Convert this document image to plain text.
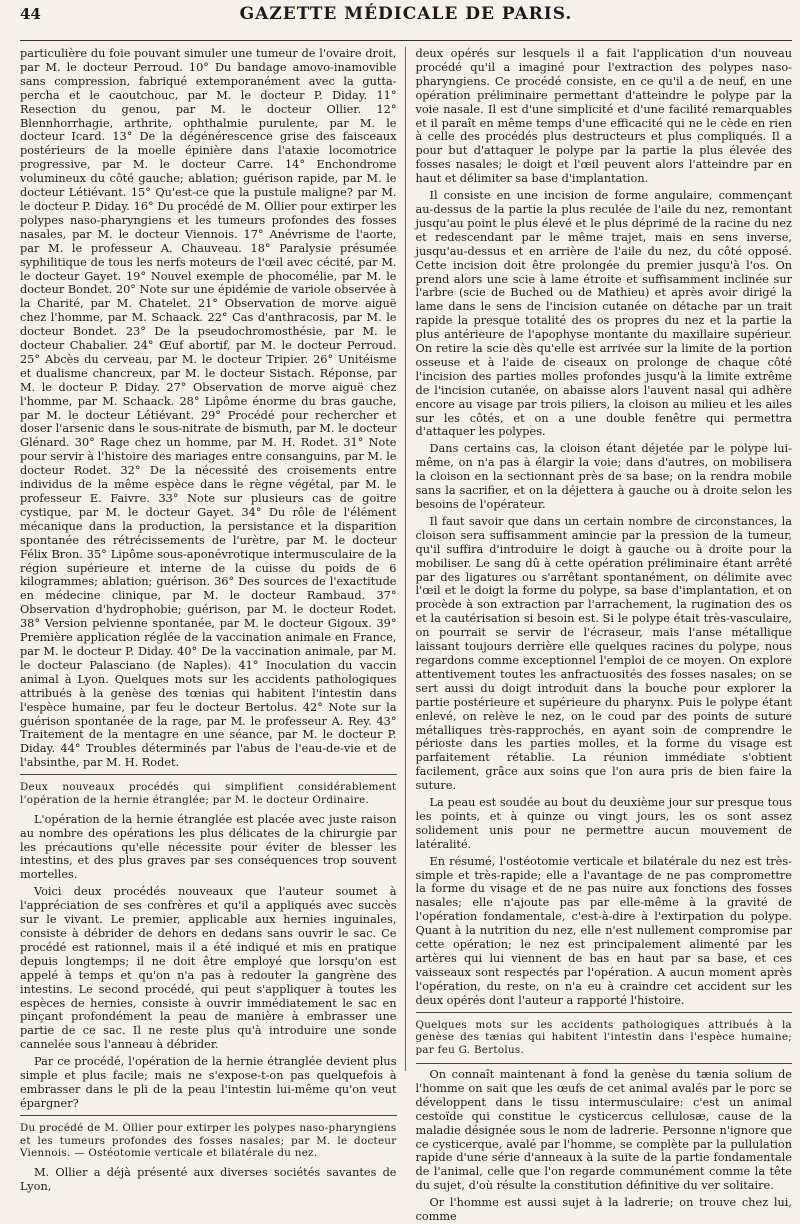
44	GAZETTE MÉDICALE DE PARIS.

particulière du foie pouvant simuler une tumeur de l'ovaire droit, par M. le docteur Perroud. 10° Du bandage amovo-inamovible sans compression, fabriqué extemporanément avec la gutta-percha et le caoutchouc, par M. le docteur P. Diday. 11° Resection du genou, par M. le docteur Ollier. 12° Blennhorrhagie, arthrite, ophthalmie purulente, par M. le docteur Icard. 13° De la dégénérescence grise des faisceaux postérieurs de la moelle épinière dans l'ataxie locomotrice progressive, par M. le docteur Carre. 14° Enchondrome volumineux du côté gauche; ablation; guérison rapide, par M. le docteur Létiévant. 15° Qu'est-ce que la pustule maligne? par M. le docteur P. Diday. 16° Du procédé de M. Ollier pour extirper les polypes naso-pharyngiens et les tumeurs profondes des fosses nasales, par M. le docteur Viennois. 17° Anévrisme de l'aorte, par M. le professeur A. Chauveau. 18° Paralysie présumée syphilitique de tous les nerfs moteurs de l'œil avec cécité, par M. le docteur Gayet. 19° Nouvel exemple de phocomélie, par M. le docteur Bondet. 20° Note sur une épidémie de variole observée à la Charité, par M. Chatelet. 21° Observation de morve aiguë chez l'homme, par M. Schaack. 22° Cas d'anthracosis, par M. le docteur Bondet. 23° De la pseudochromosthésie, par M. le docteur Chabalier. 24° Œuf abortif, par M. le docteur Perroud. 25° Abcès du cerveau, par M. le docteur Tripier. 26° Unitéisme et dualisme chancreux, par M. le docteur Sistach. Réponse, par M. le docteur P. Diday. 27° Observation de morve aiguë chez l'homme, par M. Schaack. 28° Lipôme énorme du bras gauche, par M. le docteur Létiévant. 29° Procédé pour rechercher et doser l'arsenic dans le sous-nitrate de bismuth, par M. le docteur Glénard. 30° Rage chez un homme, par M. H. Rodet. 31° Note pour servir à l'histoire des mariages entre consanguins, par M. le docteur Rodet. 32° De la nécessité des croisements entre individus de la même espèce dans le règne végétal, par M. le professeur E. Faivre. 33° Note sur plusieurs cas de goitre cystique, par M. le docteur Gayet. 34° Du rôle de l'élément mécanique dans la production, la persistance et la disparition spontanée des rétrécissements de l'urètre, par M. le docteur Félix Bron. 35° Lipôme sous-aponévrotique intermusculaire de la région supérieure et interne de la cuisse du poids de 6 kilogrammes; ablation; guérison. 36° Des sources de l'exactitude en médecine clinique, par M. le docteur Rambaud. 37° Observation d'hydrophobie; guérison, par M. le docteur Rodet. 38° Version pelvienne spontanée, par M. le docteur Gigoux. 39° Première application réglée de la vaccination animale en France, par M. le docteur P. Diday. 40° De la vaccination animale, par M. le docteur Palasciano (de Naples). 41° Inoculation du vaccin animal à Lyon. Quelques mots sur les accidents pathologiques attribués à la genèse des tœnias qui habitent l'intestin dans l'espèce humaine, par feu le docteur Bertolus. 42° Note sur la guérison spontanée de la rage, par M. le professeur A. Rey. 43° Traitement de la mentagre en une séance, par M. le docteur P. Diday. 44° Troubles déterminés par l'abus de l'eau-de-vie et de l'absinthe, par M. H. Rodet.

Deux nouveaux procédés qui simplifient considérablement l'opération de la hernie étranglée; par M. le docteur Ordinaire.

L'opération de la hernie étranglée est placée avec juste raison au nombre des opérations les plus délicates de la chirurgie par les précautions qu'elle nécessite pour éviter de blesser les intestins, et des plus graves par ses conséquences trop souvent mortelles.

Voici deux procédés nouveaux que l'auteur soumet à l'appréciation de ses confrères et qu'il a appliqués avec succès sur le vivant. Le premier, applicable aux hernies inguinales, consiste à débrider de dehors en dedans sans ouvrir le sac. Ce procédé est rationnel, mais il a été indiqué et mis en pratique depuis longtemps; il ne doit être employé que lorsqu'on est appelé à temps et qu'on n'a pas à redouter la gangrène des intestins. Le second procédé, qui peut s'appliquer à toutes les espèces de hernies, consiste à ouvrir immédiatement le sac en pinçant profondément la peau de manière à embrasser une partie de ce sac. Il ne reste plus qu'à introduire une sonde cannelée sous l'anneau à débrider.

Par ce procédé, l'opération de la hernie étranglée devient plus simple et plus facile; mais ne s'expose-t-on pas quelquefois à embrasser dans le pli de la peau l'intestin lui-même qu'on veut épargner?

Du procédé de M. Ollier pour extirper les polypes naso-pharyngiens et les tumeurs profondes des fosses nasales; par M. le docteur Viennois. — Ostéotomie verticale et bilatérale du nez.

M. Ollier a déjà présenté aux diverses sociétés savantes de Lyon,

deux opérés sur lesquels il a fait l'application d'un nouveau procédé qu'il a imaginé pour l'extraction des polypes naso-pharyngiens. Ce procédé consiste, en ce qu'il a de neuf, en une opération préliminaire permettant d'atteindre le polype par la voie nasale. Il est d'une simplicité et d'une facilité remarquables et il paraît en même temps d'une efficacité qui ne le cède en rien à celle des procédés plus destructeurs et plus compliqués. Il a pour but d'attaquer le polype par la partie la plus élevée des fosses nasales; le doigt et l'œil peuvent alors l'atteindre par en haut et délimiter sa base d'implantation.

Il consiste en une incision de forme angulaire, commençant au-dessus de la partie la plus reculée de l'aile du nez, remontant jusqu'au point le plus élevé et le plus déprimé de la racine du nez et redescendant par le même trajet, mais en sens inverse, jusqu'au-dessus et en arrière de l'aile du nez, du côté opposé. Cette incision doit être prolongée du premier jusqu'à l'os. On prend alors une scie à lame étroite et suffisamment inclinée sur l'arbre (scie de Buched ou de Mathieu) et après avoir dirigé la lame dans le sens de l'incision cutanée on détache par un trait rapide la presque totalité des os propres du nez et la partie la plus antérieure de l'apophyse montante du maxillaire supérieur. On retire la scie dès qu'elle est arrivée sur la limite de la portion osseuse et à l'aide de ciseaux on prolonge de chaque côté l'incision des parties molles profondes jusqu'à la limite extrême de l'incision cutanée, on abaisse alors l'auvent nasal qui adhère encore au visage par trois piliers, la cloison au milieu et les ailes sur les côtés, et on a une double fenêtre qui permettra d'attaquer les polypes.

Dans certains cas, la cloison étant déjetée par le polype lui-même, on n'a pas à élargir la voie; dans d'autres, on mobilisera la cloison en la sectionnant près de sa base; on la rendra mobile sans la sacrifier, et on la déjettera à gauche ou à droite selon les besoins de l'opérateur.

Il faut savoir que dans un certain nombre de circonstances, la cloison sera suffisamment amincie par la pression de la tumeur, qu'il suffira d'introduire le doigt à gauche ou à droite pour la mobiliser. Le sang dû à cette opération préliminaire étant arrêté par des ligatures ou s'arrêtant spontanément, on délimite avec l'œil et le doigt la forme du polype, sa base d'implantation, et on procède à son extraction par l'arrachement, la rugination des os et la cautérisation si besoin est. Si le polype était très-vasculaire, on pourrait se servir de l'écraseur, mais l'anse métallique laissant toujours derrière elle quelques racines du polype, nous regardons comme exceptionnel l'emploi de ce moyen. On explore attentivement toutes les anfractuosités des fosses nasales; on se sert aussi du doigt introduit dans la bouche pour explorer la partie postérieure et supérieure du pharynx. Puis le polype étant enlevé, on relève le nez, on le coud par des points de suture métalliques très-rapprochés, en ayant soin de comprendre le périoste dans les parties molles, et la forme du visage est parfaitement rétablie. La réunion immédiate s'obtient facilement, grâce aux soins que l'on aura pris de bien faire la suture.

La peau est soudée au bout du deuxième jour sur presque tous les points, et à quinze ou vingt jours, les os sont assez solidement unis pour ne permettre aucun mouvement de latéralité.

En résumé, l'ostéotomie verticale et bilatérale du nez est très-simple et très-rapide; elle a l'avantage de ne pas compromettre la forme du visage et de ne pas nuire aux fonctions des fosses nasales; elle n'ajoute pas par elle-même à la gravité de l'opération fondamentale, c'est-à-dire à l'extirpation du polype. Quant à la nutrition du nez, elle n'est nullement compromise par cette opération; le nez est principalement alimenté par les artères qui lui viennent de bas en haut par sa base, et ces vaisseaux sont respectés par l'opération. A aucun moment après l'opération, du reste, on n'a eu à craindre cet accident sur les deux opérés dont l'auteur a rapporté l'histoire.

Quelques mots sur les accidents pathologiques attribués à la genèse des tænias qui habitent l'intestin dans l'espèce humaine; par feu G. Bertolus.

On connaît maintenant à fond la genèse du tænia solium de l'homme on sait que les œufs de cet animal avalés par le porc se développent dans le tissu intermusculaire: c'est un animal cestoïde qui constitue le cysticercus cellulosæ, cause de la maladie désignée sous le nom de ladrerie. Personne n'ignore que ce cysticerque, avalé par l'homme, se complète par la pullulation rapide d'une série d'anneaux à la suite de la partie fondamentale de l'animal, celle que l'on regarde communément comme la tête du sujet, d'où résulte la constitution définitive du ver solitaire.

Or l'homme est aussi sujet à la ladrerie; on trouve chez lui, comme
